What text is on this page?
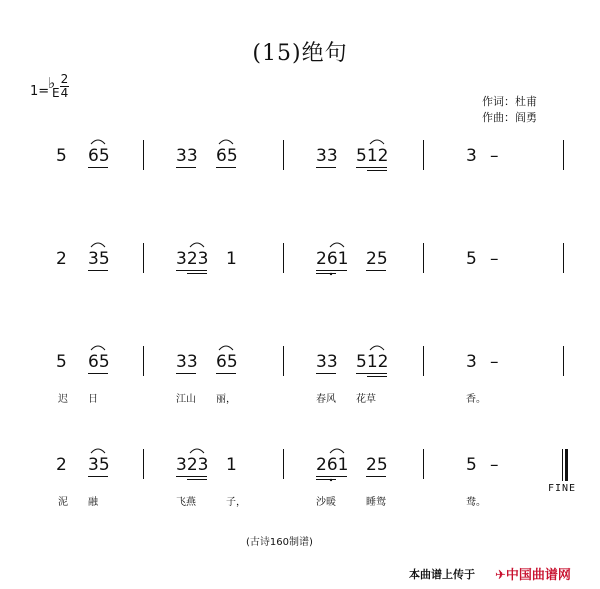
(15)绝句
1=
♭
E
2
4
作词：杜甫
作曲：阎勇
5 65	33 65	33 512	3 –
2 35	323 1	261 25	5 –
5 65	33 65	33 512	3 –
迟 日	江山 丽，	春风 花草	香。
2 35	323 1	261 25	5 –
泥 融	飞燕	子，	沙暖	睡鸳	鸯。
FINE
(古诗160制谱)
本曲谱上传于 ✈中国曲谱网
